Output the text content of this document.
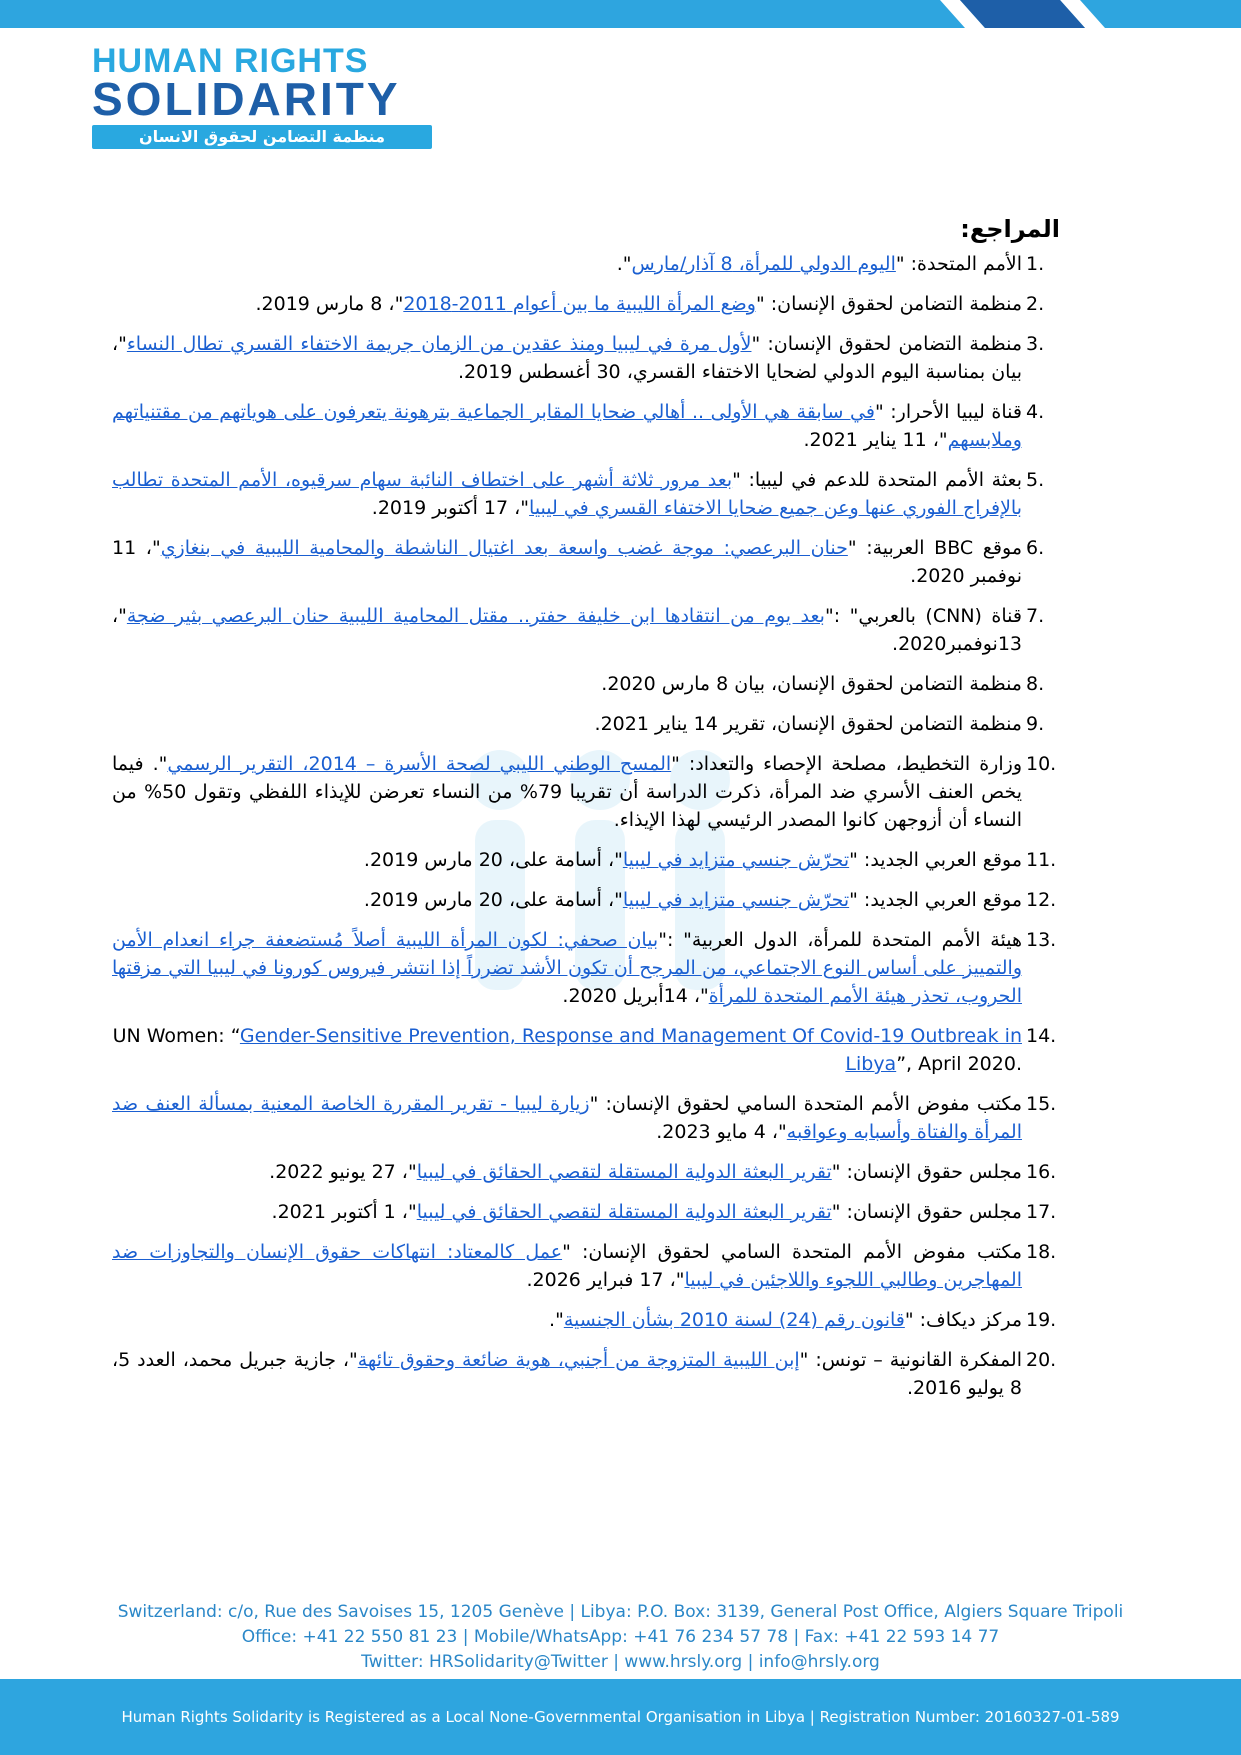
HUMAN RIGHTS
SOLIDARITY
منظمة التضامن لحقوق الانسان
المراجع:
1.
الأمم المتحدة: "اليوم الدولي للمرأة، 8 آذار/مارس".
2.
منظمة التضامن لحقوق الإنسان: "وضع المرأة الليبية ما بين أعوام 2011-2018"، 8 مارس 2019.
3.
منظمة التضامن لحقوق الإنسان: "لأول مرة في ليبيا ومنذ عقدين من الزمان جريمة الاختفاء القسري تطال النساء"، بيان بمناسبة اليوم الدولي لضحايا الاختفاء القسري، 30 أغسطس 2019.
4.
قناة ليبيا الأحرار: "في سابقة هي الأولى .. أهالي ضحايا المقابر الجماعية بترهونة يتعرفون على هوياتهم من مقتنياتهم وملابسهم"، 11 يناير 2021.
5.
بعثة الأمم المتحدة للدعم في ليبيا: "بعد مرور ثلاثة أشهر على اختطاف النائبة سهام سرقيوه، الأمم المتحدة تطالب بالإفراج الفوري عنها وعن جميع ضحايا الاختفاء القسري في ليبيا"، 17 أكتوبر 2019.
6.
موقع BBC العربية: "حنان البرعصي: موجة غضب واسعة بعد اغتيال الناشطة والمحامية الليبية في بنغازي"، 11 نوفمبر 2020.
7.
قناة (CNN) بالعربي" :"بعد يوم من انتقادها ابن خليفة حفتر.. مقتل المحامية الليبية حنان البرعصي بثير ضجة"، 13نوفمبر2020.
8.
منظمة التضامن لحقوق الإنسان، بيان 8 مارس 2020.
9.
منظمة التضامن لحقوق الإنسان، تقرير 14 يناير 2021.
10.
وزارة التخطيط، مصلحة الإحصاء والتعداد: "المسح الوطني الليبي لصحة الأسرة – 2014، التقرير الرسمي". فيما يخص العنف الأسري ضد المرأة، ذكرت الدراسة أن تقريبا 79% من النساء تعرضن للإيذاء اللفظي وتقول 50% من النساء أن أزوجهن كانوا المصدر الرئيسي لهذا الإيذاء.
11.
موقع العربي الجديد: "تحرّش جنسي متزايد في ليبيا"، أسامة على، 20 مارس 2019.
12.
موقع العربي الجديد: "تحرّش جنسي متزايد في ليبيا"، أسامة على، 20 مارس 2019.
13.
هيئة الأمم المتحدة للمرأة، الدول العربية" :"بيان صحفي: لكون المرأة الليبية أصلاً مُستضعفة جراء انعدام الأمن والتمييز على أساس النوع الاجتماعي، من المرجح أن تكون الأشد تضرراً إذا انتشر فيروس كورونا في ليبيا التي مزقتها الحروب، تحذر هيئة الأمم المتحدة للمرأة"، 14أبريل 2020.
14.
UN Women: “Gender-Sensitive Prevention, Response and Management Of Covid-19 Outbreak in Libya”, April 2020.
15.
مكتب مفوض الأمم المتحدة السامي لحقوق الإنسان: "زيارة ليبيا - تقرير المقررة الخاصة المعنية بمسألة العنف ضد المرأة والفتاة وأسبابه وعواقبه"، 4 مايو 2023.
16.
مجلس حقوق الإنسان: "تقرير البعثة الدولية المستقلة لتقصي الحقائق في ليبيا"، 27 يونيو 2022.
17.
مجلس حقوق الإنسان: "تقرير البعثة الدولية المستقلة لتقصي الحقائق في ليبيا"، 1 أكتوبر 2021.
18.
مكتب مفوض الأمم المتحدة السامي لحقوق الإنسان: "عمل كالمعتاد: انتهاكات حقوق الإنسان والتجاوزات ضد المهاجرين وطالبي اللجوء واللاجئين في ليبيا"، 17 فبراير 2026.
19.
مركز ديكاف: "قانون رقم (24) لسنة 2010 بشأن الجنسية".
20.
المفكرة القانونية – تونس: "إبن الليبية المتزوجة من أجنبي، هوية ضائعة وحقوق تائهة"، جازية جبريل محمد، العدد 5، 8 يوليو 2016.
Switzerland: c/o, Rue des Savoises 15, 1205 Genève | Libya: P.O. Box: 3139, General Post Office, Algiers Square Tripoli
Office: +41 22 550 81 23 | Mobile/WhatsApp: +41 76 234 57 78 | Fax: +41 22 593 14 77
Twitter: HRSolidarity@Twitter | www.hrsly.org | info@hrsly.org
Human Rights Solidarity is Registered as a Local None-Governmental Organisation in Libya | Registration Number: 20160327-01-589
